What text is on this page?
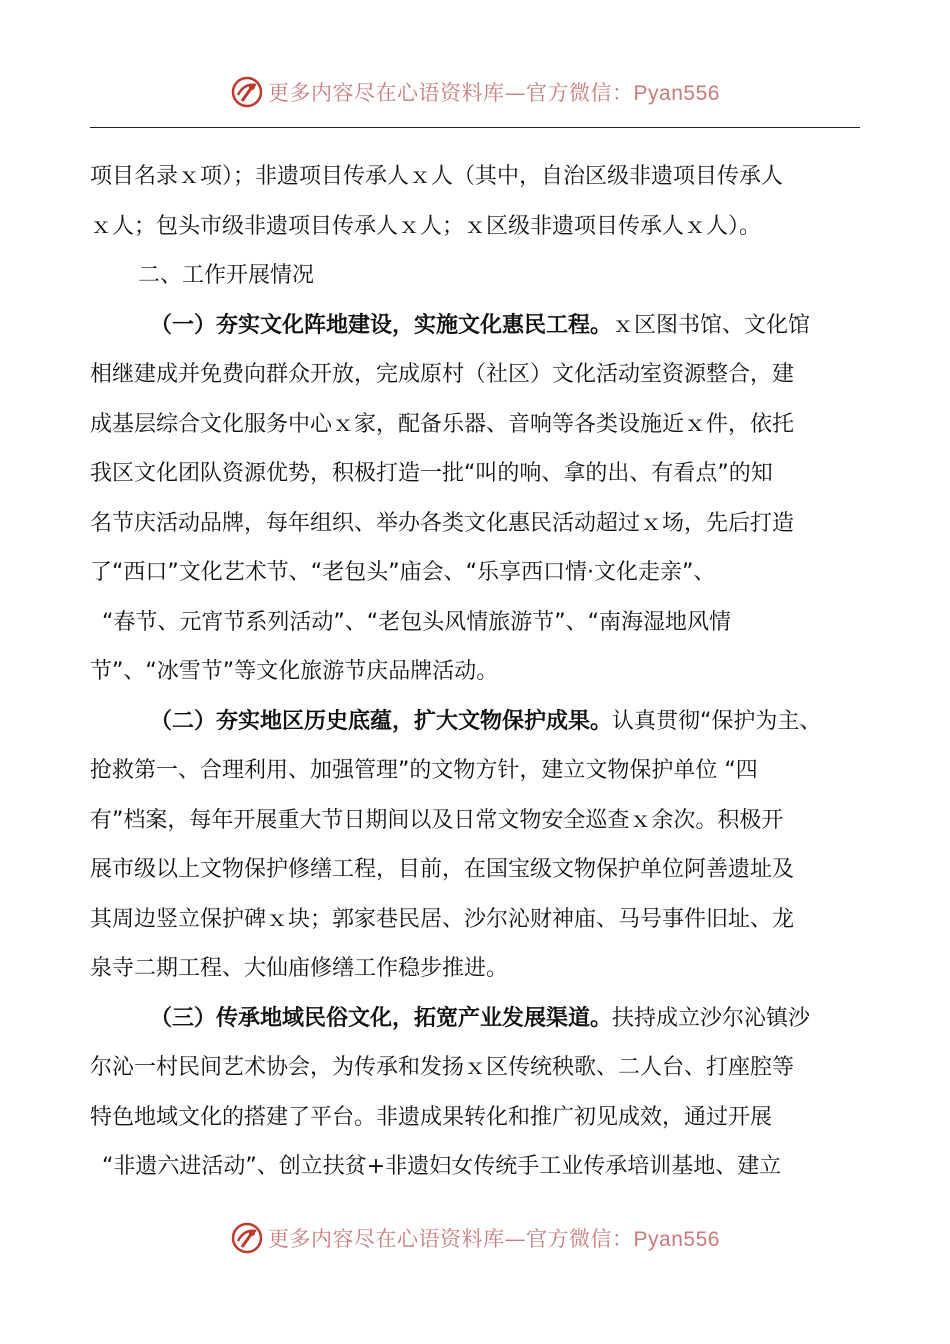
更多内容尽在心语资料库—官方微信：Pyan556
项目名录ｘ项）；非遗项目传承人ｘ人（其中，自治区级非遗项目传承人
ｘ人；包头市级非遗项目传承人ｘ人；ｘ区级非遗项目传承人ｘ人）。
二、工作开展情况
（一）夯实文化阵地建设，实施文化惠民工程。ｘ区图书馆、文化馆
相继建成并免费向群众开放，完成原村（社区）文化活动室资源整合，建
成基层综合文化服务中心ｘ家，配备乐器、音响等各类设施近ｘ件，依托
我区文化团队资源优势，积极打造一批“叫的响、拿的出、有看点”的知
名节庆活动品牌，每年组织、举办各类文化惠民活动超过ｘ场，先后打造
了“西口”文化艺术节、“老包头”庙会、“乐享西口情·文化走亲”、
“春节、元宵节系列活动”、“老包头风情旅游节”、“南海湿地风情
节”、“冰雪节”等文化旅游节庆品牌活动。
（二）夯实地区历史底蕴，扩大文物保护成果。认真贯彻“保护为主、
抢救第一、合理利用、加强管理”的文物方针，建立文物保护单位 “四
有”档案，每年开展重大节日期间以及日常文物安全巡查ｘ余次。积极开
展市级以上文物保护修缮工程，目前，在国宝级文物保护单位阿善遗址及
其周边竖立保护碑ｘ块；郭家巷民居、沙尔沁财神庙、马号事件旧址、龙
泉寺二期工程、大仙庙修缮工作稳步推进。
（三）传承地域民俗文化，拓宽产业发展渠道。扶持成立沙尔沁镇沙
尔沁一村民间艺术协会，为传承和发扬ｘ区传统秧歌、二人台、打座腔等
特色地域文化的搭建了平台。非遗成果转化和推广初见成效，通过开展
“非遗六进活动”、创立扶贫+非遗妇女传统手工业传承培训基地、建立
更多内容尽在心语资料库—官方微信：Pyan556
